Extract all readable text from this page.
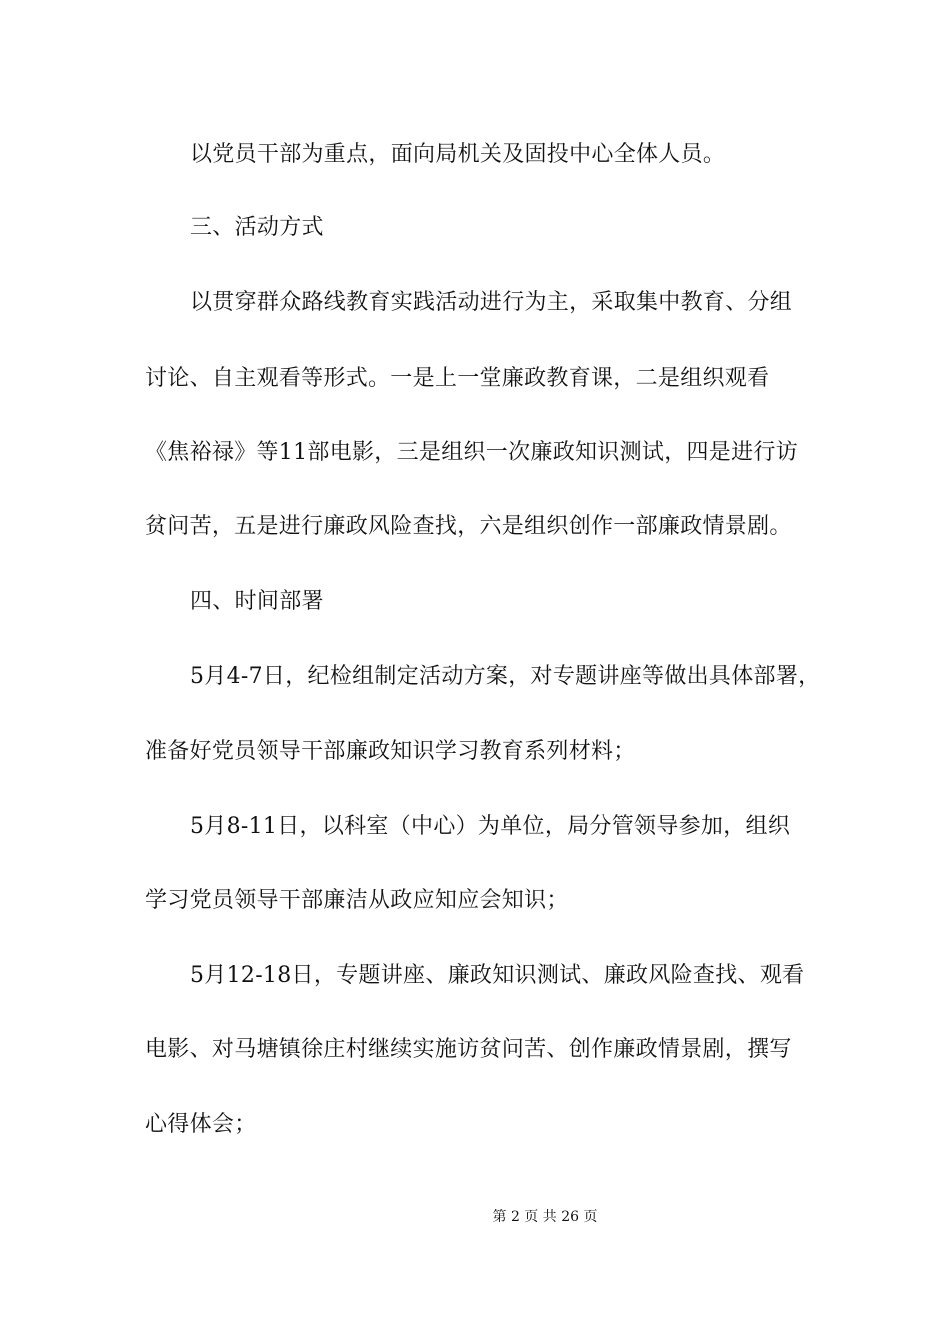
以党员干部为重点，面向局机关及固投中心全体人员。
三、活动方式
以贯穿群众路线教育实践活动进行为主，采取集中教育、分组
讨论、自主观看等形式。一是上一堂廉政教育课，二是组织观看
《焦裕禄》等11部电影，三是组织一次廉政知识测试，四是进行访
贫问苦，五是进行廉政风险查找，六是组织创作一部廉政情景剧。
四、时间部署
5月4-7日，纪检组制定活动方案，对专题讲座等做出具体部署，
准备好党员领导干部廉政知识学习教育系列材料；
5月8-11日，以科室（中心）为单位，局分管领导参加，组织
学习党员领导干部廉洁从政应知应会知识；
5月12-18日，专题讲座、廉政知识测试、廉政风险查找、观看
电影、对马塘镇徐庄村继续实施访贫问苦、创作廉政情景剧，撰写
心得体会；
第 2 页 共 26 页
